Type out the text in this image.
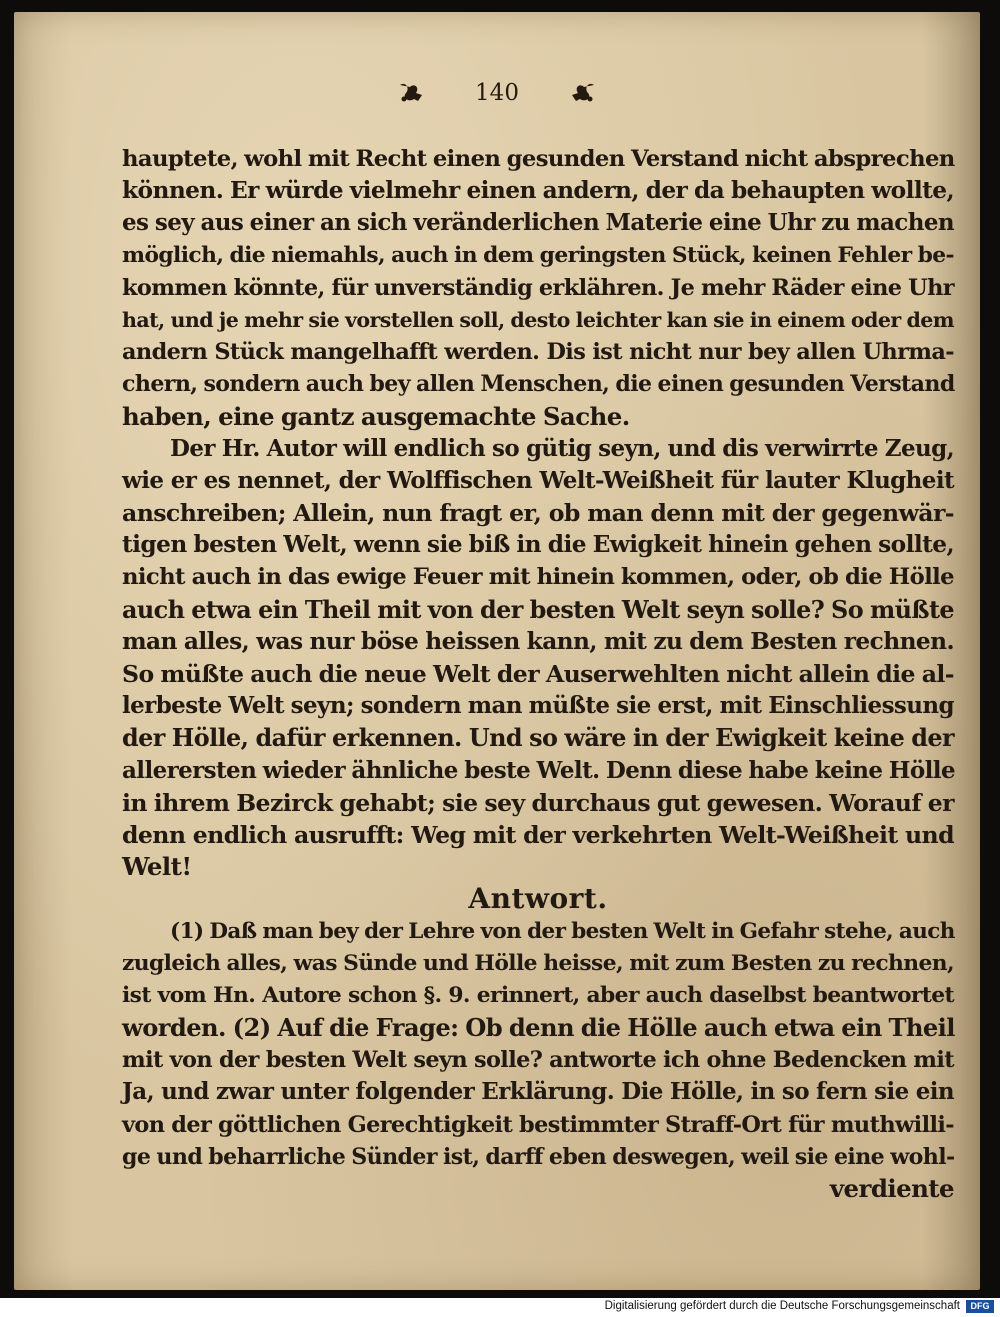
140
hauptete, wohl mit Recht einen gesunden Verstand nicht absprechen
können. Er würde vielmehr einen andern, der da behaupten wollte,
es sey aus einer an sich veränderlichen Materie eine Uhr zu machen
möglich, die niemahls, auch in dem geringsten Stück, keinen Fehler be-
kommen könnte, für unverständig erklähren. Je mehr Räder eine Uhr
hat, und je mehr sie vorstellen soll, desto leichter kan sie in einem oder dem
andern Stück mangelhafft werden. Dis ist nicht nur bey allen Uhrma-
chern, sondern auch bey allen Menschen, die einen gesunden Verstand
haben, eine gantz ausgemachte Sache.
Der Hr. Autor will endlich so gütig seyn, und dis verwirrte Zeug,
wie er es nennet, der Wolffischen Welt-Weißheit für lauter Klugheit
anschreiben; Allein, nun fragt er, ob man denn mit der gegenwär-
tigen besten Welt, wenn sie biß in die Ewigkeit hinein gehen sollte,
nicht auch in das ewige Feuer mit hinein kommen, oder, ob die Hölle
auch etwa ein Theil mit von der besten Welt seyn solle? So müßte
man alles, was nur böse heissen kann, mit zu dem Besten rechnen.
So müßte auch die neue Welt der Auserwehlten nicht allein die al-
lerbeste Welt seyn; sondern man müßte sie erst, mit Einschliessung
der Hölle, dafür erkennen. Und so wäre in der Ewigkeit keine der
allerersten wieder ähnliche beste Welt. Denn diese habe keine Hölle
in ihrem Bezirck gehabt; sie sey durchaus gut gewesen. Worauf er
denn endlich ausrufft: Weg mit der verkehrten Welt-Weißheit und
Welt!
Antwort.
(1) Daß man bey der Lehre von der besten Welt in Gefahr stehe, auch
zugleich alles, was Sünde und Hölle heisse, mit zum Besten zu rechnen,
ist vom Hn. Autore schon §. 9. erinnert, aber auch daselbst beantwortet
worden. (2) Auf die Frage: Ob denn die Hölle auch etwa ein Theil
mit von der besten Welt seyn solle? antworte ich ohne Bedencken mit
Ja, und zwar unter folgender Erklärung. Die Hölle, in so fern sie ein
von der göttlichen Gerechtigkeit bestimmter Straff-Ort für muthwilli-
ge und beharrliche Sünder ist, darff eben deswegen, weil sie eine wohl-
verdiente
Digitalisierung gefördert durch die Deutsche Forschungsgemeinschaft	DFG
